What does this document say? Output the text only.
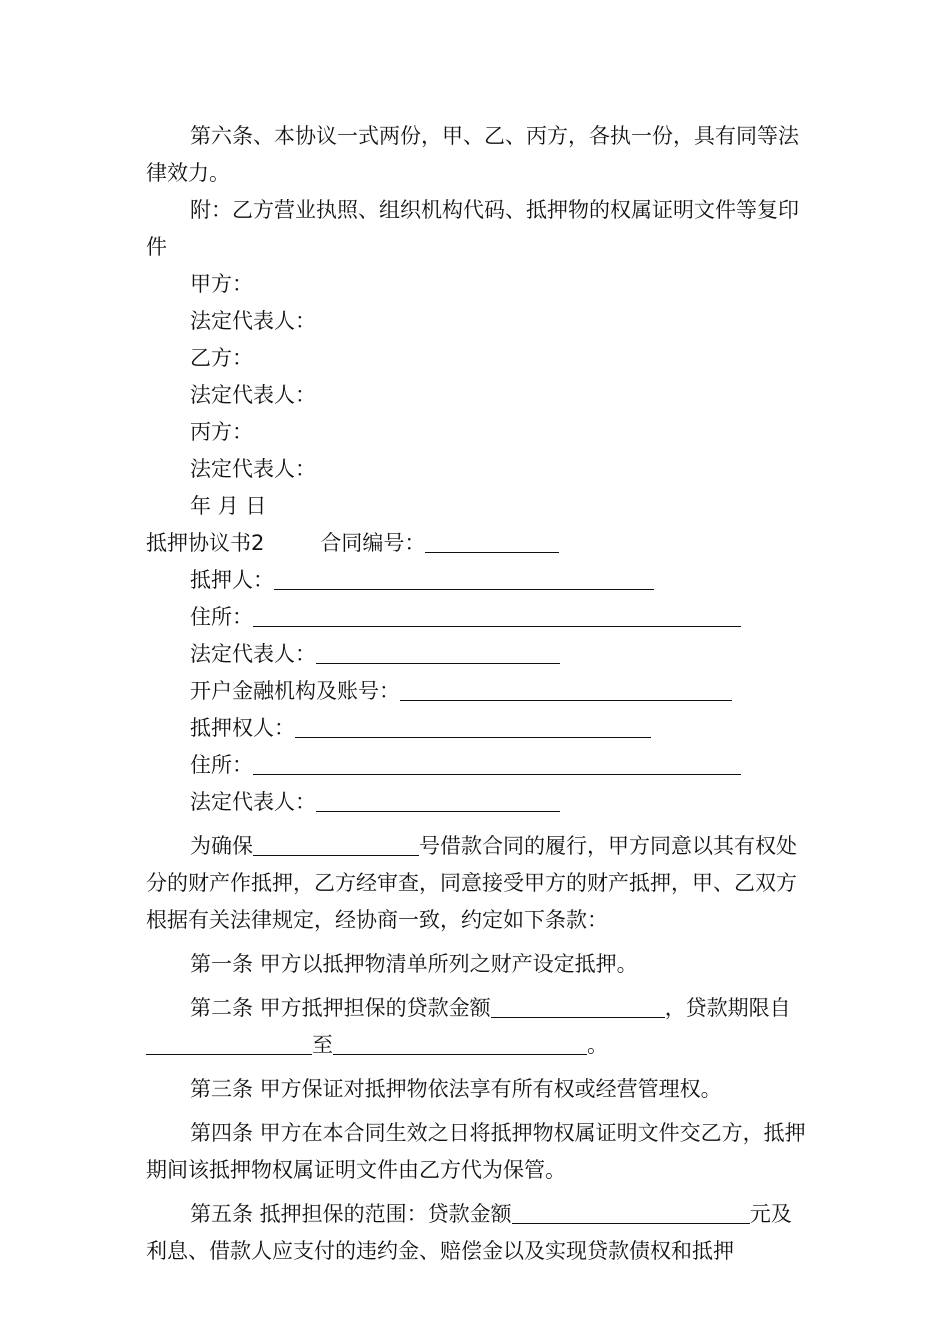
第六条、本协议一式两份，甲、乙、丙方，各执一份，具有同等法律效力。

附：乙方营业执照、组织机构代码、抵押物的权属证明文件等复印件

甲方：

法定代表人：

乙方：

法定代表人：

丙方：

法定代表人：

年 月 日

抵押协议书2	合同编号：

抵押人：

住所：

法定代表人：

开户金融机构及账号：

抵押权人：

住所：

法定代表人：

为确保	号借款合同的履行，甲方同意以其有权处分的财产作抵押，乙方经审查，同意接受甲方的财产抵押，甲、乙双方根据有关法律规定，经协商一致，约定如下条款：

第一条 甲方以抵押物清单所列之财产设定抵押。

第二条 甲方抵押担保的贷款金额	，贷款期限自至	。

第三条 甲方保证对抵押物依法享有所有权或经营管理权。

第四条 甲方在本合同生效之日将抵押物权属证明文件交乙方，抵押期间该抵押物权属证明文件由乙方代为保管。

第五条 抵押担保的范围：贷款金额	元及利息、借款人应支付的违约金、赔偿金以及实现贷款债权和抵押
